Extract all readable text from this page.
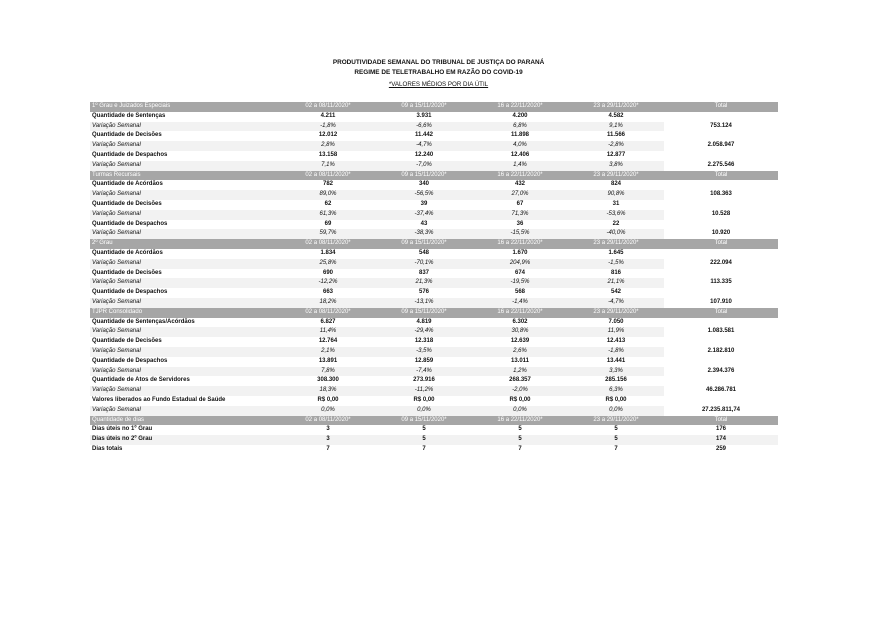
PRODUTIVIDADE SEMANAL DO TRIBUNAL DE JUSTIÇA DO PARANÁ
REGIME DE TELETRABALHO EM RAZÃO DO COVID-19
*VALORES MÉDIOS POR DIA ÚTIL
1º Grau e Juizados Especiais	02 a 08/11/2020*	09 a 15/11/2020*	16 a 22/11/2020*	23 a 29/11/2020*	Total
Quantidade de Sentenças	4.211	3.931	4.200	4.582	753.124
Variação Semanal	-1,8%	-6,6%	6,8%	9,1%	
Quantidade de Decisões	12.012	11.442	11.898	11.566	2.058.947
Variação Semanal	2,8%	-4,7%	4,0%	-2,8%	
Quantidade de Despachos	13.158	12.240	12.406	12.877	2.275.546
Variação Semanal	7,1%	-7,0%	1,4%	3,8%	
Turmas Recursais	02 a 08/11/2020*	09 a 15/11/2020*	16 a 22/11/2020*	23 a 29/11/2020*	Total
Quantidade de Acórdãos	782	340	432	824	108.363
Variação Semanal	89,0%	-56,5%	27,0%	90,8%	
Quantidade de Decisões	62	39	67	31	10.528
Variação Semanal	61,3%	-37,4%	71,3%	-53,6%	
Quantidade de Despachos	69	43	36	22	10.920
Variação Semanal	59,7%	-38,3%	-15,5%	-40,0%	
2º Grau	02 a 08/11/2020*	09 a 15/11/2020*	16 a 22/11/2020*	23 a 29/11/2020*	Total
Quantidade de Acórdãos	1.834	548	1.670	1.645	222.094
Variação Semanal	25,8%	-70,1%	204,9%	-1,5%	
Quantidade de Decisões	690	837	674	816	113.335
Variação Semanal	-12,2%	21,3%	-19,5%	21,1%	
Quantidade de Despachos	663	576	568	542	107.910
Variação Semanal	18,2%	-13,1%	-1,4%	-4,7%	
TJPR Consolidado	02 a 08/11/2020*	09 a 15/11/2020*	16 a 22/11/2020*	23 a 29/11/2020*	Total
Quantidade de Sentenças/Acórdãos	6.827	4.819	6.302	7.050	1.083.581
Variação Semanal	11,4%	-29,4%	30,8%	11,9%	
Quantidade de Decisões	12.764	12.318	12.639	12.413	2.182.810
Variação Semanal	2,1%	-3,5%	2,6%	-1,8%	
Quantidade de Despachos	13.891	12.859	13.011	13.441	2.394.376
Variação Semanal	7,8%	-7,4%	1,2%	3,3%	
Quantidade de Atos de Servidores	308.300	273.916	268.357	285.156	46.286.781
Variação Semanal	18,3%	-11,2%	-2,0%	6,3%	
Valores liberados ao Fundo Estadual de Saúde	R$ 0,00	R$ 0,00	R$ 0,00	R$ 0,00	27.235.811,74
Variação Semanal	0,0%	0,0%	0,0%	0,0%	
Quantidade de dias	02 a 08/11/2020*	09 a 15/11/2020*	16 a 22/11/2020*	23 a 29/11/2020*	Total
Dias úteis no 1º Grau	3	5	5	5	176
Dias úteis no 2º Grau	3	5	5	5	174
Dias totais	7	7	7	7	259
